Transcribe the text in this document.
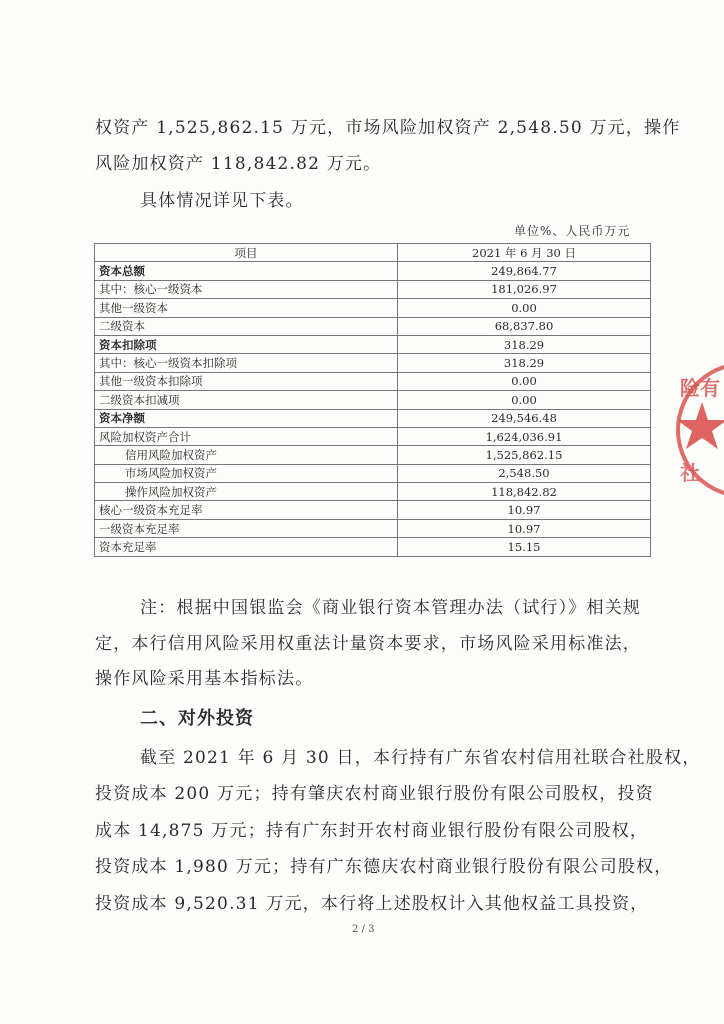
权资产 1,525,862.15 万元，市场风险加权资产 2,548.50 万元，操作
风险加权资产 118,842.82 万元。
具体情况详见下表。
单位%、人民币万元
项目	2021 年 6 月 30 日
资本总额	249,864.77
其中：核心一级资本	181,026.97
其他一级资本	0.00
二级资本	68,837.80
资本扣除项	318.29
其中：核心一级资本扣除项	318.29
其他一级资本扣除项	0.00
二级资本扣减项	0.00
资本净额	249,546.48
风险加权资产合计	1,624,036.91
信用风险加权资产	1,525,862.15
市场风险加权资产	2,548.50
操作风险加权资产	118,842.82
核心一级资本充足率	10.97
一级资本充足率	10.97
资本充足率	15.15
注：根据中国银监会《商业银行资本管理办法（试行）》相关规
定，本行信用风险采用权重法计量资本要求，市场风险采用标准法，
操作风险采用基本指标法。
二、对外投资
截至 2021 年 6 月 30 日，本行持有广东省农村信用社联合社股权，
投资成本 200 万元；持有肇庆农村商业银行股份有限公司股权，投资
成本 14,875 万元；持有广东封开农村商业银行股份有限公司股权，
投资成本 1,980 万元；持有广东德庆农村商业银行股份有限公司股权，
投资成本 9,520.31 万元，本行将上述股权计入其他权益工具投资，
2 / 3
险有
社
